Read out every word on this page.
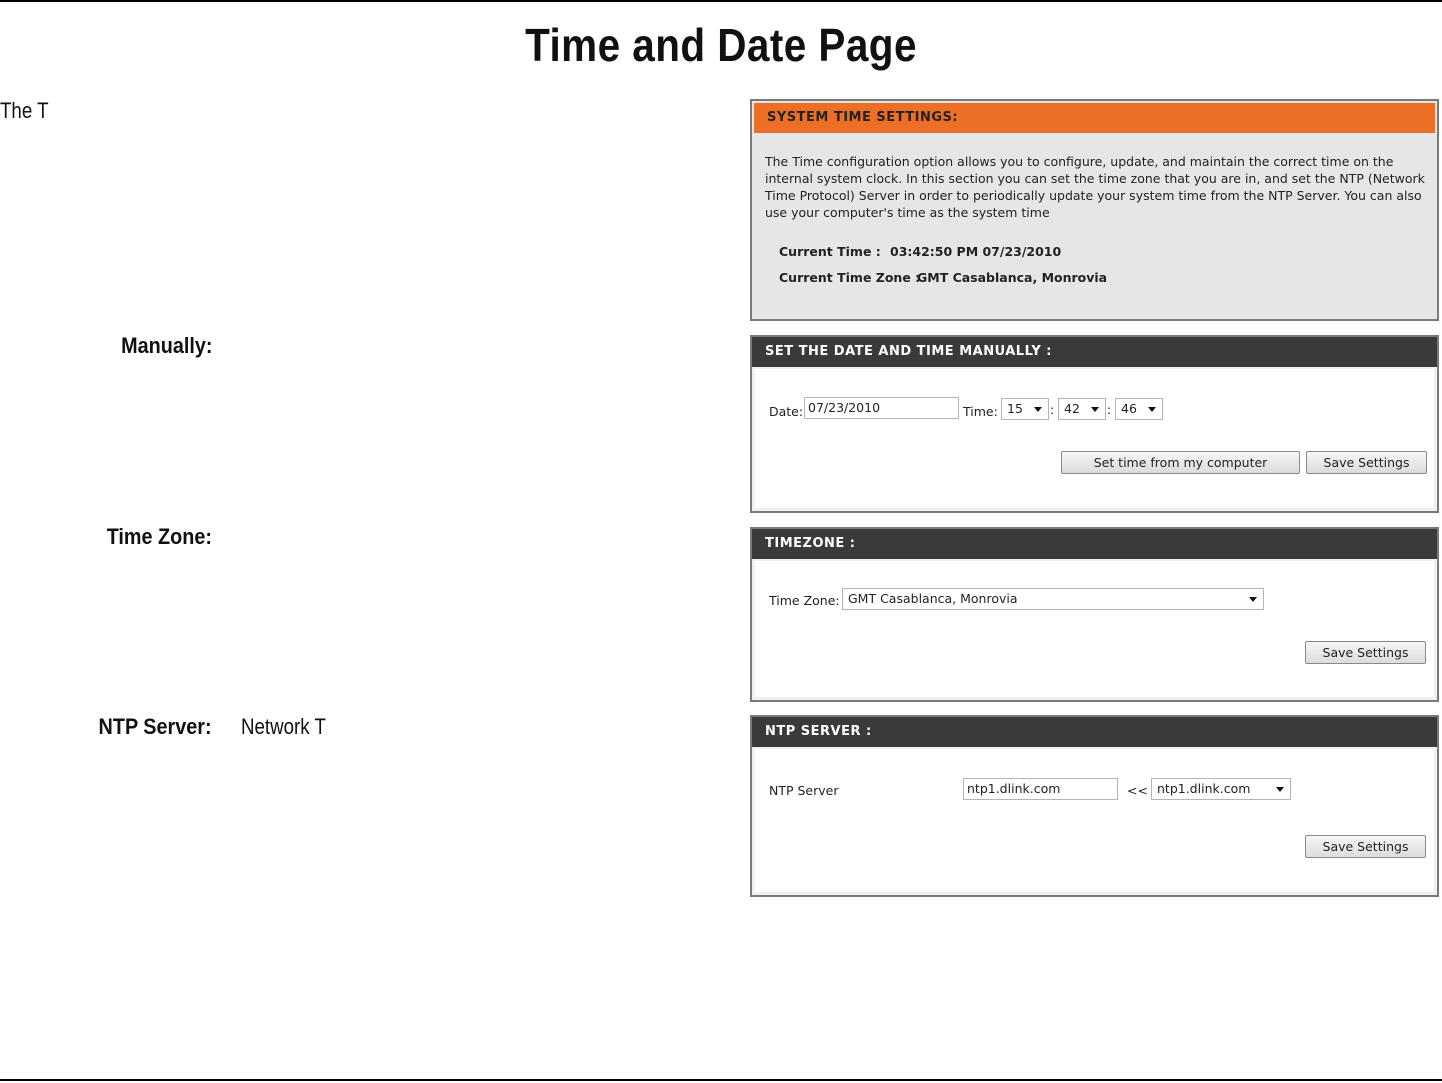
Time and Date Page
The T
Manually:
Time Zone:
NTP Server: Network T
SYSTEM TIME SETTINGS:
The Time configuration option allows you to configure, update, and maintain the correct time on the internal system clock. In this section you can set the time zone that you are in, and set the NTP (Network Time Protocol) Server in order to periodically update your system time from the NTP Server. You can also use your computer's time as the system time
Current Time : 03:42:50 PM 07/23/2010
Current Time Zone :
GMT Casablanca, Monrovia
SET THE DATE AND TIME MANUALLY :
Date: 07/23/2010	Time: 15	: 42	: 46
Set time from my computer	Save Settings
TIMEZONE :
Time Zone: GMT Casablanca, Monrovia
Save Settings
NTP SERVER :
NTP Server	ntp1.dlink.com	<< ntp1.dlink.com
Save Settings
